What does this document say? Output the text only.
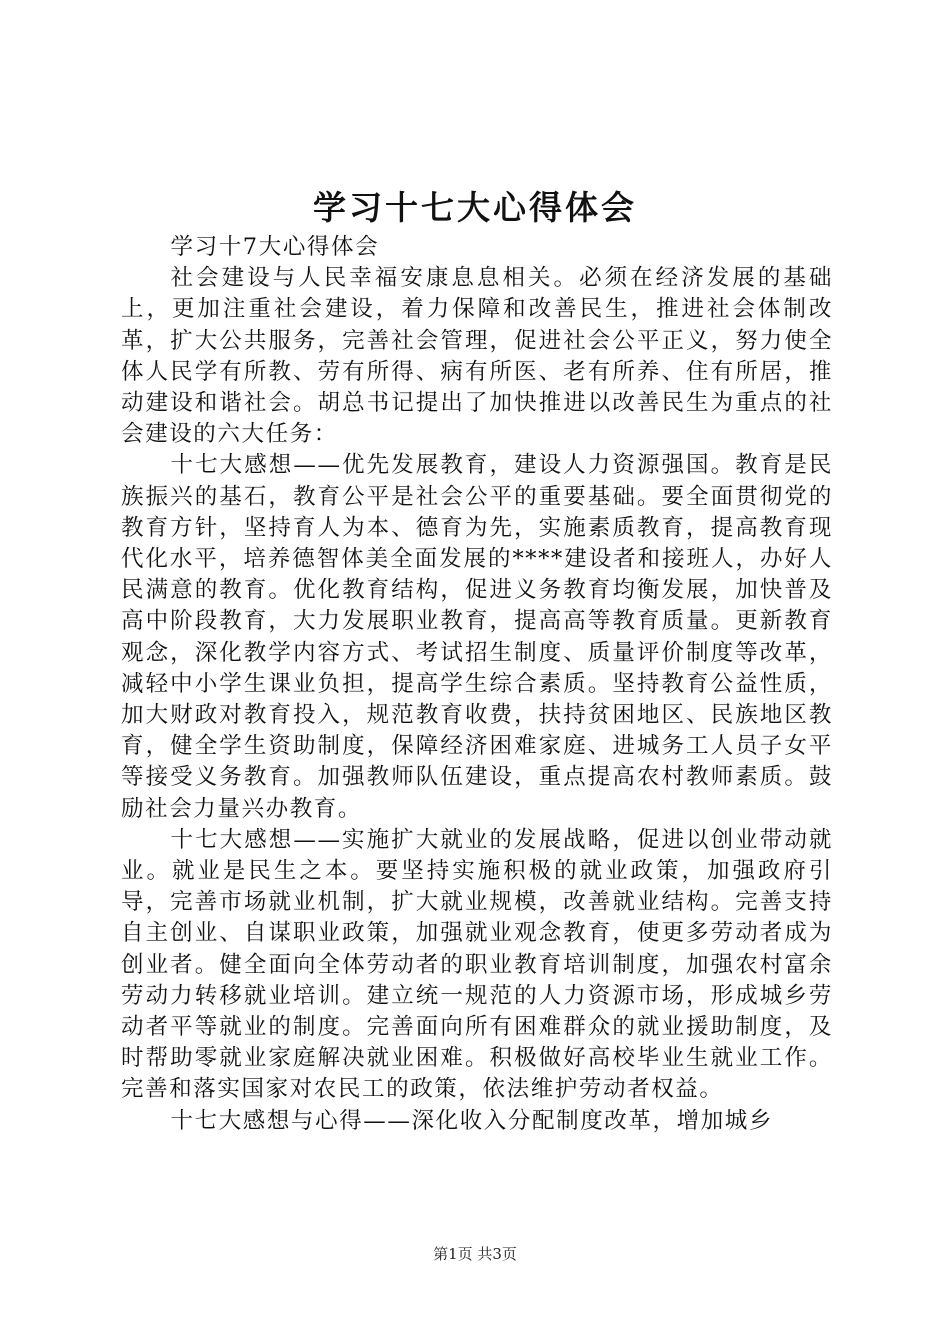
学习十七大心得体会

学习十7大心得体会

社会建设与人民幸福安康息息相关。必须在经济发展的基础上，更加注重社会建设，着力保障和改善民生，推进社会体制改革，扩大公共服务，完善社会管理，促进社会公平正义，努力使全体人民学有所教、劳有所得、病有所医、老有所养、住有所居，推动建设和谐社会。胡总书记提出了加快推进以改善民生为重点的社会建设的六大任务：

十七大感想——优先发展教育，建设人力资源强国。教育是民族振兴的基石，教育公平是社会公平的重要基础。要全面贯彻党的教育方针，坚持育人为本、德育为先，实施素质教育，提高教育现代化水平，培养德智体美全面发展的****建设者和接班人，办好人民满意的教育。优化教育结构，促进义务教育均衡发展，加快普及高中阶段教育，大力发展职业教育，提高高等教育质量。更新教育观念，深化教学内容方式、考试招生制度、质量评价制度等改革，减轻中小学生课业负担，提高学生综合素质。坚持教育公益性质，加大财政对教育投入，规范教育收费，扶持贫困地区、民族地区教育，健全学生资助制度，保障经济困难家庭、进城务工人员子女平等接受义务教育。加强教师队伍建设，重点提高农村教师素质。鼓励社会力量兴办教育。

十七大感想——实施扩大就业的发展战略，促进以创业带动就业。就业是民生之本。要坚持实施积极的就业政策，加强政府引导，完善市场就业机制，扩大就业规模，改善就业结构。完善支持自主创业、自谋职业政策，加强就业观念教育，使更多劳动者成为创业者。健全面向全体劳动者的职业教育培训制度，加强农村富余劳动力转移就业培训。建立统一规范的人力资源市场，形成城乡劳动者平等就业的制度。完善面向所有困难群众的就业援助制度，及时帮助零就业家庭解决就业困难。积极做好高校毕业生就业工作。完善和落实国家对农民工的政策，依法维护劳动者权益。

十七大感想与心得——深化收入分配制度改革，增加城乡

第1页 共3页
